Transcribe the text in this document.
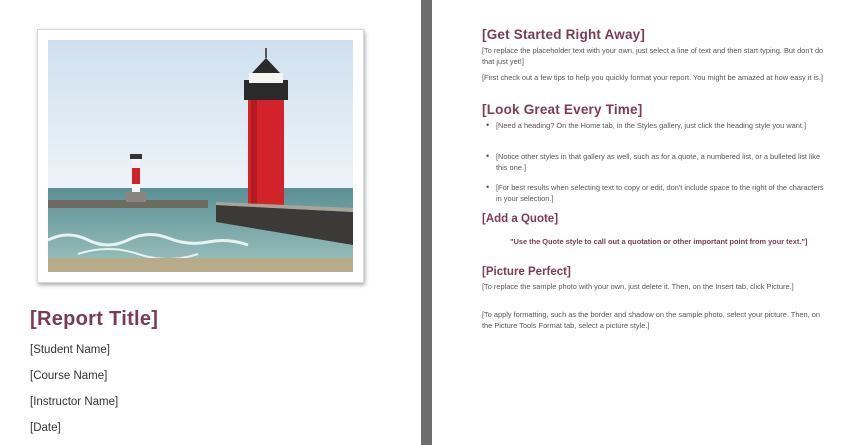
[Report Title]
[Student Name]
[Course Name]
[Instructor Name]
[Date]
[Get Started Right Away]
[To replace the placeholder text with your own, just select a line of text and then start typing. But don't do that just yet!]
[First check out a few tips to help you quickly format your report. You might be amazed at how easy it is.]
[Look Great Every Time]
• [Need a heading? On the Home tab, in the Styles gallery, just click the heading style you want.]
• [Notice other styles in that gallery as well, such as for a quote, a numbered list, or a bulleted list like this one.]
• [For best results when selecting text to copy or edit, don't include space to the right of the characters in your selection.]
[Add a Quote]
"Use the Quote style to call out a quotation or other important point from your text."]
[Picture Perfect]
[To replace the sample photo with your own, just delete it. Then, on the Insert tab, click Picture.]
[To apply formatting, such as the border and shadow on the sample photo, select your picture. Then, on the Picture Tools Format tab, select a picture style.]
